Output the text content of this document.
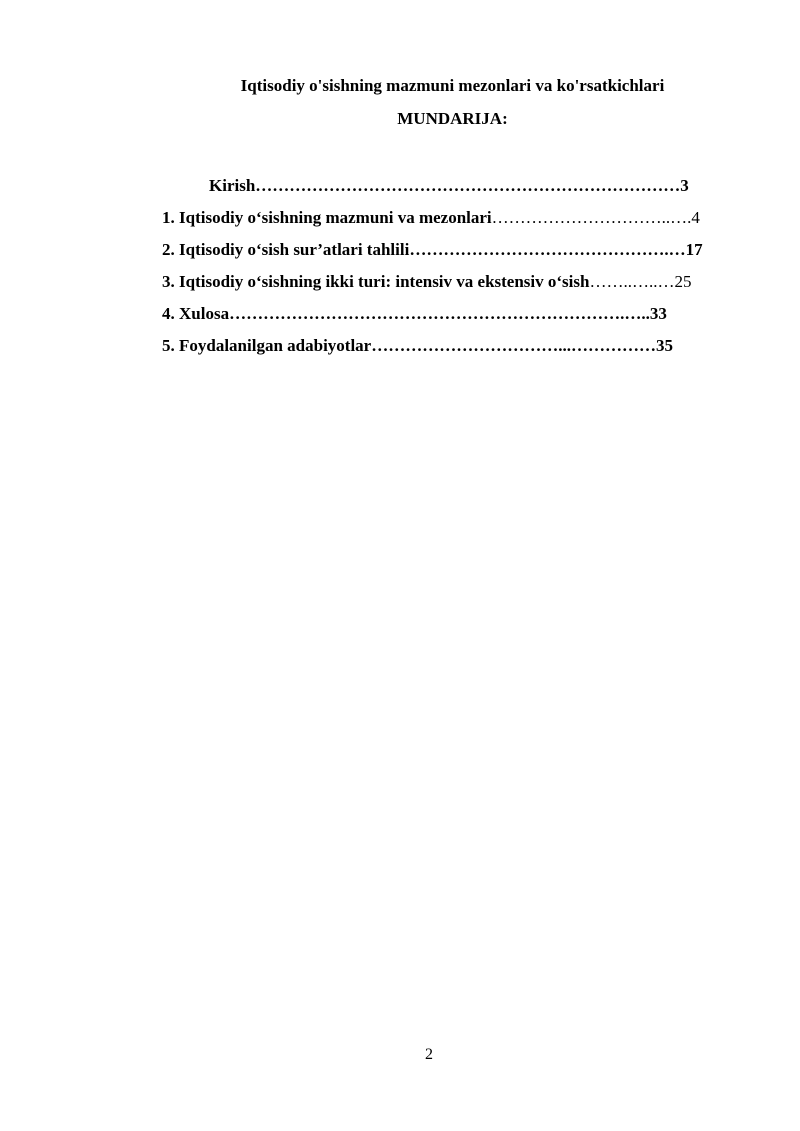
Iqtisodiy o'sishning mazmuni mezonlari va ko'rsatkichlari
MUNDARIJA:
Kirish…………………………………………………………………3
1. Iqtisodiy o‘sishning mazmuni va mezonlari…………………………..….4
2. Iqtisodiy o‘sish sur’atlari tahlili……………………………………….…17
3. Iqtisodiy o‘sishning ikki turi: intensiv va ekstensiv o‘sish……..…..…25
4. Xulosa…………………………………………………………….…..33
5. Foydalanilgan adabiyotlar……………………………...……………35
2
